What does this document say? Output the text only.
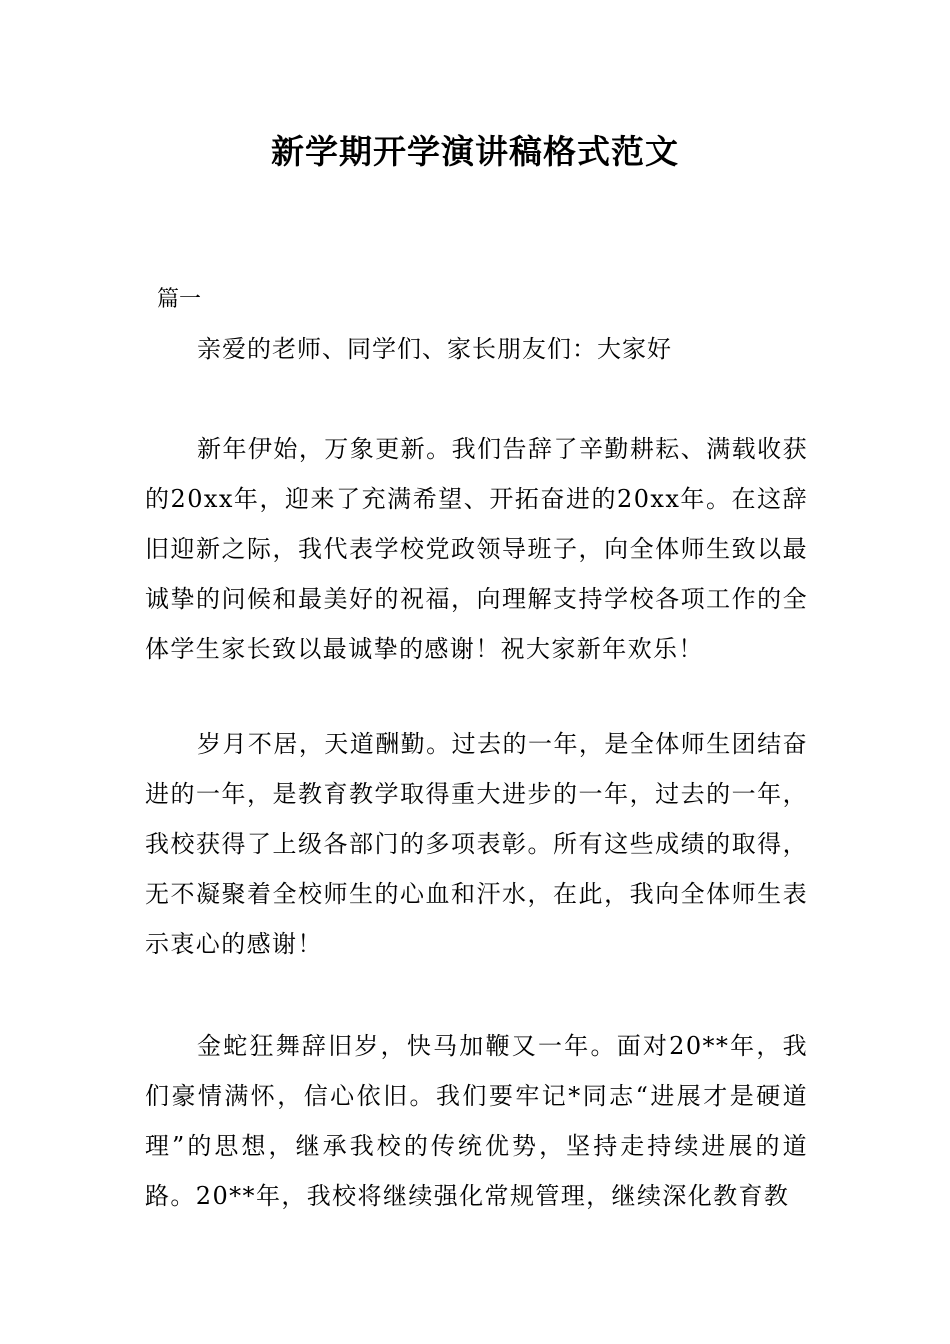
新学期开学演讲稿格式范文
篇一
亲爱的老师、同学们、家长朋友们：大家好

新年伊始，万象更新。我们告辞了辛勤耕耘、满载收获的20xx年，迎来了充满希望、开拓奋进的20xx年。在这辞旧迎新之际，我代表学校党政领导班子，向全体师生致以最诚挚的问候和最美好的祝福，向理解支持学校各项工作的全体学生家长致以最诚挚的感谢！祝大家新年欢乐！

岁月不居，天道酬勤。过去的一年，是全体师生团结奋进的一年，是教育教学取得重大进步的一年，过去的一年，我校获得了上级各部门的多项表彰。所有这些成绩的取得，无不凝聚着全校师生的心血和汗水，在此，我向全体师生表示衷心的感谢！

金蛇狂舞辞旧岁，快马加鞭又一年。面对20**年，我们豪情满怀，信心依旧。我们要牢记*同志“进展才是硬道理”的思想，继承我校的传统优势，坚持走持续进展的道路。20**年，我校将继续强化常规管理，继续深化教育教
